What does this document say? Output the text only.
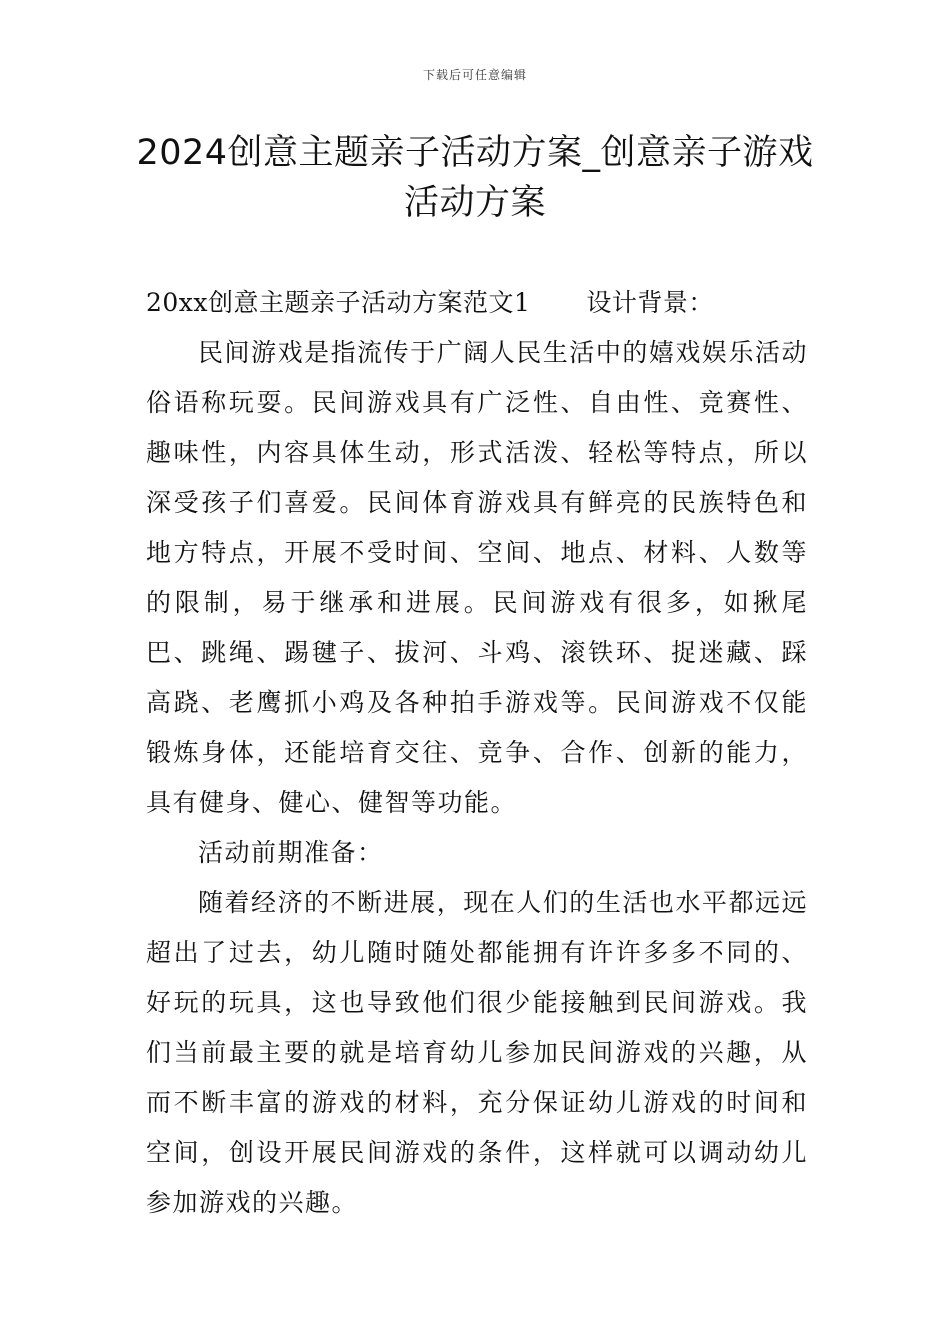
下载后可任意编辑
2024创意主题亲子活动方案_创意亲子游戏
活动方案

20xx创意主题亲子活动方案范文1 设计背景：

民间游戏是指流传于广阔人民生活中的嬉戏娱乐活动俗语称玩耍。民间游戏具有广泛性、自由性、竞赛性、趣味性，内容具体生动，形式活泼、轻松等特点，所以深受孩子们喜爱。民间体育游戏具有鲜亮的民族特色和地方特点，开展不受时间、空间、地点、材料、人数等的限制，易于继承和进展。民间游戏有很多，如揪尾巴、跳绳、踢毽子、拔河、斗鸡、滚铁环、捉迷藏、踩高跷、老鹰抓小鸡及各种拍手游戏等。民间游戏不仅能锻炼身体，还能培育交往、竞争、合作、创新的能力，具有健身、健心、健智等功能。

活动前期准备：

随着经济的不断进展，现在人们的生活也水平都远远超出了过去，幼儿随时随处都能拥有许许多多不同的、好玩的玩具，这也导致他们很少能接触到民间游戏。我们当前最主要的就是培育幼儿参加民间游戏的兴趣，从而不断丰富的游戏的材料，充分保证幼儿游戏的时间和空间，创设开展民间游戏的条件，这样就可以调动幼儿参加游戏的兴趣。
